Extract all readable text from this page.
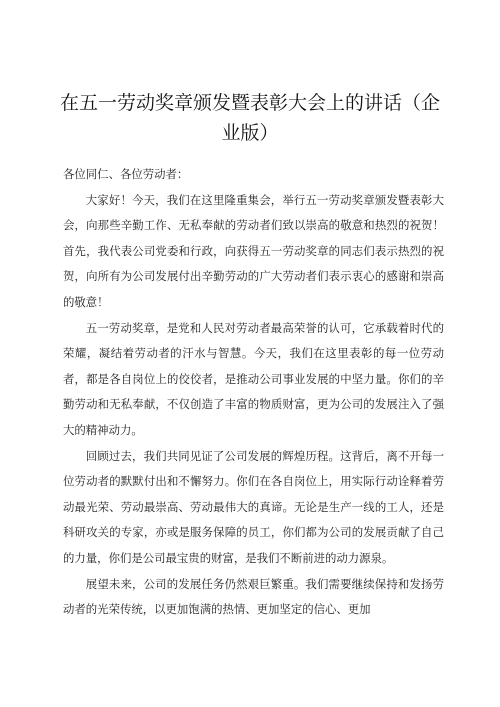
在五一劳动奖章颁发暨表彰大会上的讲话（企业版）

各位同仁、各位劳动者：

大家好！今天，我们在这里隆重集会，举行五一劳动奖章颁发暨表彰大会，向那些辛勤工作、无私奉献的劳动者们致以崇高的敬意和热烈的祝贺！首先，我代表公司党委和行政，向获得五一劳动奖章的同志们表示热烈的祝贺，向所有为公司发展付出辛勤劳动的广大劳动者们表示衷心的感谢和崇高的敬意！

五一劳动奖章，是党和人民对劳动者最高荣誉的认可，它承载着时代的荣耀，凝结着劳动者的汗水与智慧。今天，我们在这里表彰的每一位劳动者，都是各自岗位上的佼佼者，是推动公司事业发展的中坚力量。你们的辛勤劳动和无私奉献，不仅创造了丰富的物质财富，更为公司的发展注入了强大的精神动力。

回顾过去，我们共同见证了公司发展的辉煌历程。这背后，离不开每一位劳动者的默默付出和不懈努力。你们在各自岗位上，用实际行动诠释着劳动最光荣、劳动最崇高、劳动最伟大的真谛。无论是生产一线的工人，还是科研攻关的专家，亦或是服务保障的员工，你们都为公司的发展贡献了自己的力量，你们是公司最宝贵的财富，是我们不断前进的动力源泉。

展望未来，公司的发展任务仍然艰巨繁重。我们需要继续保持和发扬劳动者的光荣传统，以更加饱满的热情、更加坚定的信心、更加
